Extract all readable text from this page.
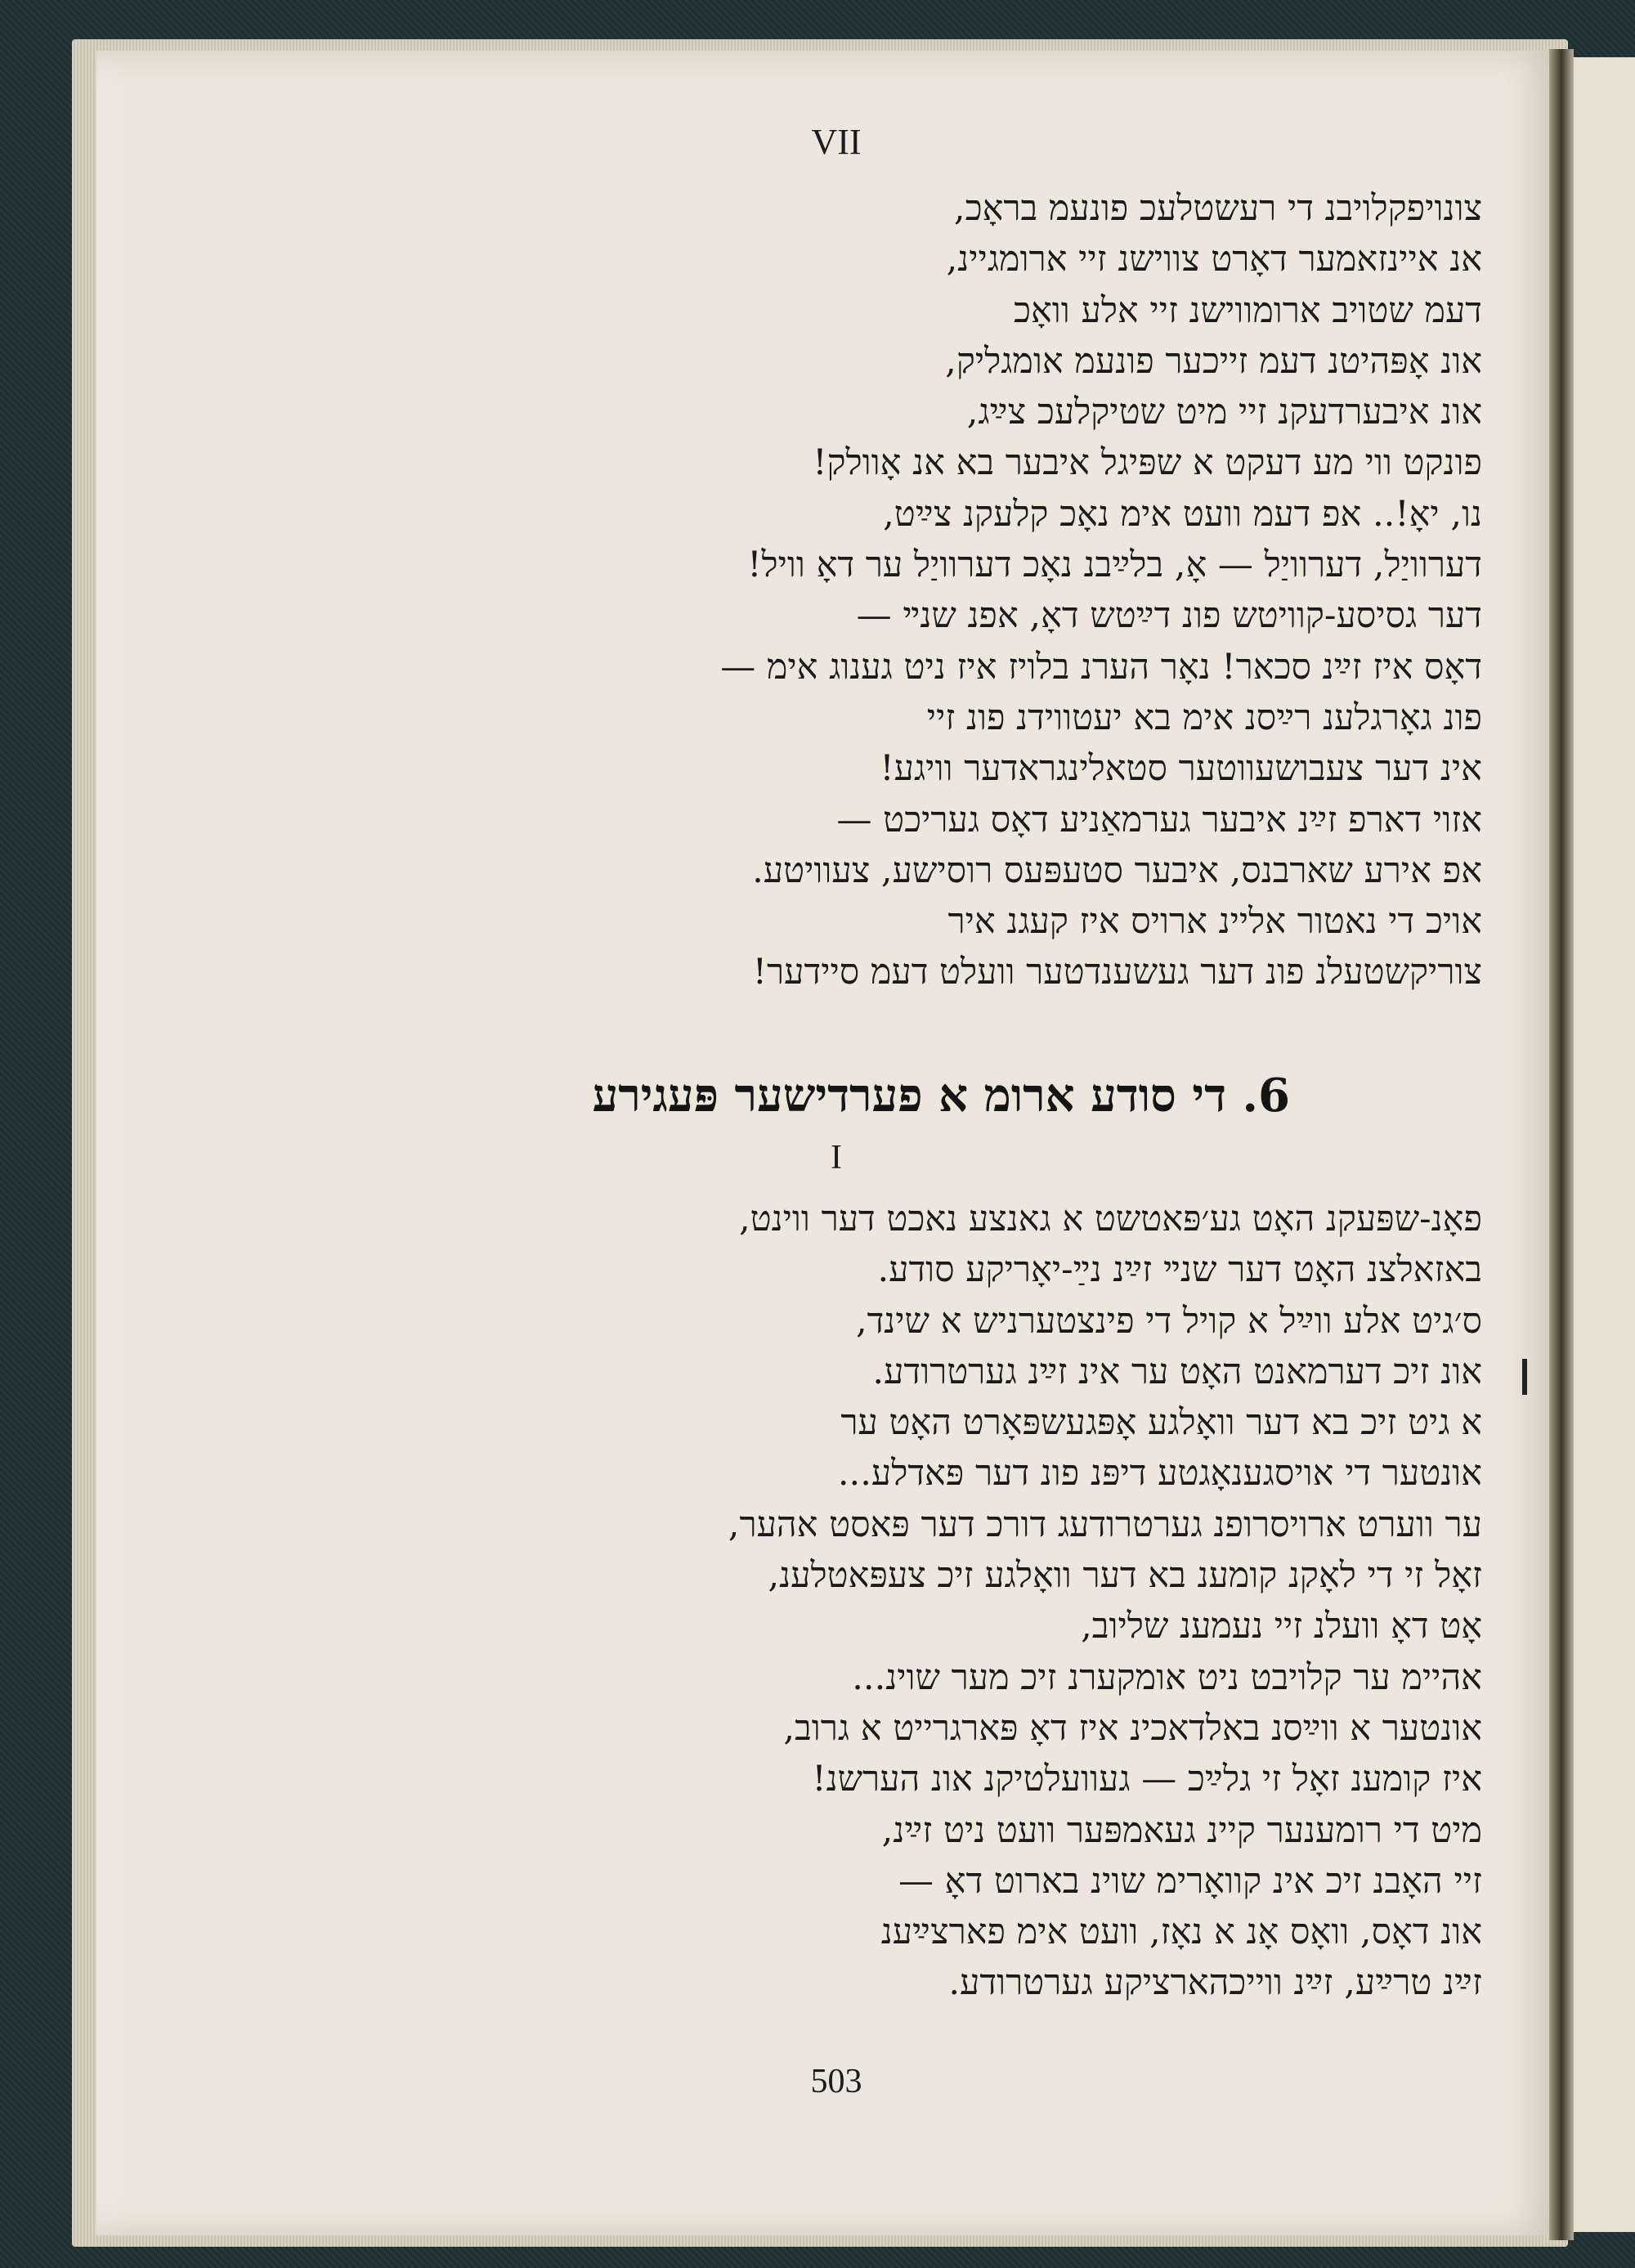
VII
צונויפקלויבנ די רעשטלעכ פונעמ בראָכ,
אנ איינזאמער דאָרט צווישנ זיי ארומגיינ,
דעמ שטויב ארומווישנ זיי אלע וואָכ
אונ אָפּהיטנ דעמ זייכער פונעמ אומגליק,
אונ איבערדעקנ זיי מיט שטיקלעכ צײַג,
פונקט ווי מע דעקט א שפּיגל איבער בא אנ אָוולק!
נו, יאָ!.. אפ דעמ וועט אימ נאָכ קלעקנ צײַט,
דערוויַל, דערוויַל — אָ, בלײַבנ נאָכ דערוויַל ער דאָ וויל!
דער גסיסע-קוויטש פונ דײַטש דאָ, אפנ שנײ —
דאָס איז זײַנ סכאר! נאָר הערנ בלויז איז ניט גענוג אימ —
פונ גאָרגלענ רײַסנ אימ בא יעטווידנ פונ זיי
אינ דער צעבושעווטער סטאלינגראדער וויגע!
אזוי דארפ זײַנ איבער גערמאַניע דאָס געריכט —
אפ אירע שארבנס, איבער סטעפּעס רוסישע, צעוויטע.
אויכ די נאטור אליינ ארויס איז קעגנ איר
צוריקשטעלנ פונ דער געשענדטער וועלט דעמ סיידער!
6. די סודע ארומ א פערדישער פּעגירע
I
פאָנ-שפּעקנ האָט גע׳פּאטשט א גאנצע נאכט דער ווינט,
באזאלצנ האָט דער שנײ זײַנ נײַ-יאָריקע סודע.
ס׳גיט אלע ווײַל א קויל די פינצטערניש א שינד,
אונ זיכ דערמאנט האָט ער אינ זײַנ גערטרודע.
א גיט זיכ בא דער וואָלגע אָפּגעשפּאָרט האָט ער
אונטער די אויסגענאָגטע דיפּנ פונ דער פּאדלע...
ער ווערט ארויסרופנ גערטרודעג דורכ דער פּאסט אהער,
זאָל זי די לאָקנ קומענ בא דער וואָלגע זיכ צעפּאטלענ,
אָט דאָ וועלנ זיי נעמענ שליוב,
אהיימ ער קלויבט ניט אומקערנ זיכ מער שוינ...
אונטער א ווײַסנ באלדאכינ איז דאָ פּארגרייט א גרוב,
איז קומענ זאָל זי גלײַכ — געוועלטיקנ אונ הערשנ!
מיט די רומענער קיינ געאמפּער וועט ניט זײַנ,
זיי האָבנ זיכ אינ קוואָרימ שוינ בארוט דאָ —
אונ דאָס, וואָס אָנ א נאָז, וועט אימ פארצײַענ
זײַנ טרײַע, זײַנ ווייכהארציקע גערטרודע.
503
